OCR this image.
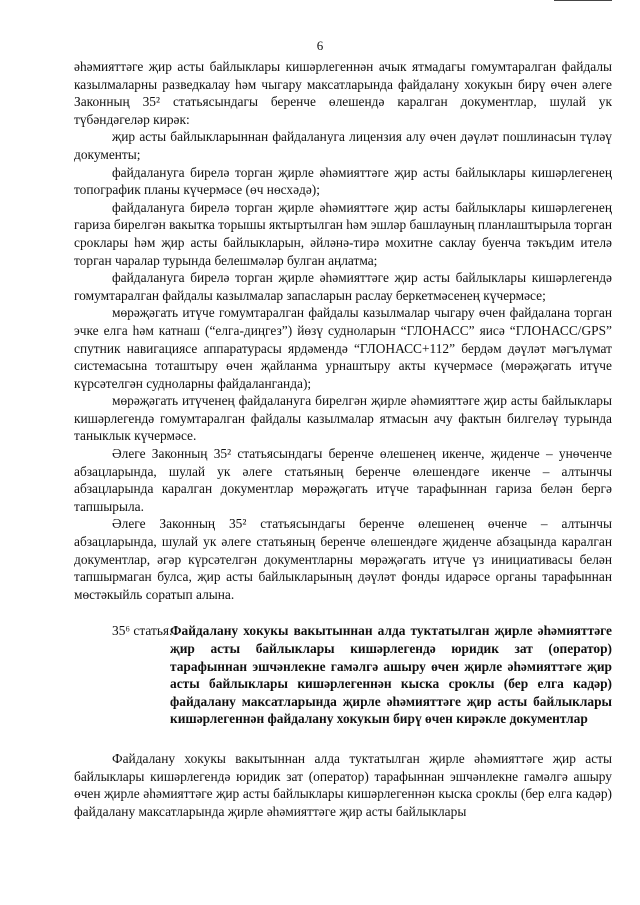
6

әһәмияттәге җир асты байлыклары кишәрлегеннән ачык ятмадагы гомумтаралган файдалы казылмаларны разведкалау һәм чыгару максатларында файдалану хокукын бирү өчен әлеге Законның 35² статьясындагы беренче өлешендә каралган документлар, шулай ук түбәндәгеләр кирәк:

җир асты байлыкларыннан файдалануга лицензия алу өчен дәүләт пошлинасын түләү документы;

файдалануга бирелә торган җирле әһәмияттәге җир асты байлыклары кишәрлегенең топографик планы күчермәсе (өч нөсхәдә);

файдалануга бирелә торган җирле әһәмияттәге җир асты байлыклары кишәрлегенең гариза бирелгән вакытка торышы яктыртылган һәм эшләр башлауның планлаштырыла торган сроклары һәм җир асты байлыкларын, әйләнә-тирә мохитне саклау буенча тәкъдим ителә торган чаралар турында белешмәләр булган аңлатма;

файдалануга бирелә торган җирле әһәмияттәге җир асты байлыклары кишәрлегендә гомумтаралган файдалы казылмалар запасларын раслау беркетмәсенең күчермәсе;

мөрәҗәгать итүче гомумтаралган файдалы казылмалар чыгару өчен файдалана торган эчке елга һәм катнаш (“елга-диңгез”) йөзү судноларын “ГЛОНАСС” яисә “ГЛОНАСС/GPS” спутник навигациясе аппаратурасы ярдәмендә “ГЛОНАСС+112” бердәм дәүләт мәгълүмат системасына тоташтыру өчен җайланма урнаштыру акты күчермәсе (мөрәҗәгать итүче күрсәтелгән судноларны файдаланганда);

мөрәҗәгать итүченең файдалануга бирелгән җирле әһәмияттәге җир асты байлыклары кишәрлегендә гомумтаралган файдалы казылмалар ятмасын ачу фактын билгеләү турында таныклык күчермәсе.

Әлеге Законның 35² статьясындагы беренче өлешенең икенче, җиденче – унөченче абзацларында, шулай ук әлеге статьяның беренче өлешендәге икенче – алтынчы абзацларында каралган документлар мөрәҗәгать итүче тарафыннан гариза белән бергә тапшырыла.

Әлеге Законның 35² статьясындагы беренче өлешенең өченче – алтынчы абзацларында, шулай ук әлеге статьяның беренче өлешендәге җиденче абзацында каралган документлар, әгәр күрсәтелгән документларны мөрәҗәгать итүче үз инициативасы белән тапшырмаган булса, җир асты байлыкларының дәүләт фонды идарәсе органы тарафыннан мөстәкыйль соратып алына.

35⁶ статья.
Файдалану хокукы вакытыннан алда туктатылган җирле әһәмияттәге җир асты байлыклары кишәрлегендә юридик зат (оператор) тарафыннан эшчәнлекне гамәлгә ашыру өчен җирле әһәмияттәге җир асты байлыклары кишәрлегеннән кыска сроклы (бер елга кадәр) файдалану максатларында җирле әһәмияттәге җир асты байлыклары кишәрлегеннән файдалану хокукын бирү өчен кирәкле документлар

Файдалану хокукы вакытыннан алда туктатылган җирле әһәмияттәге җир асты байлыклары кишәрлегендә юридик зат (оператор) тарафыннан эшчәнлекне гамәлгә ашыру өчен җирле әһәмияттәге җир асты байлыклары кишәрлегеннән кыска сроклы (бер елга кадәр) файдалану максатларында җирле әһәмияттәге җир асты байлыклары
